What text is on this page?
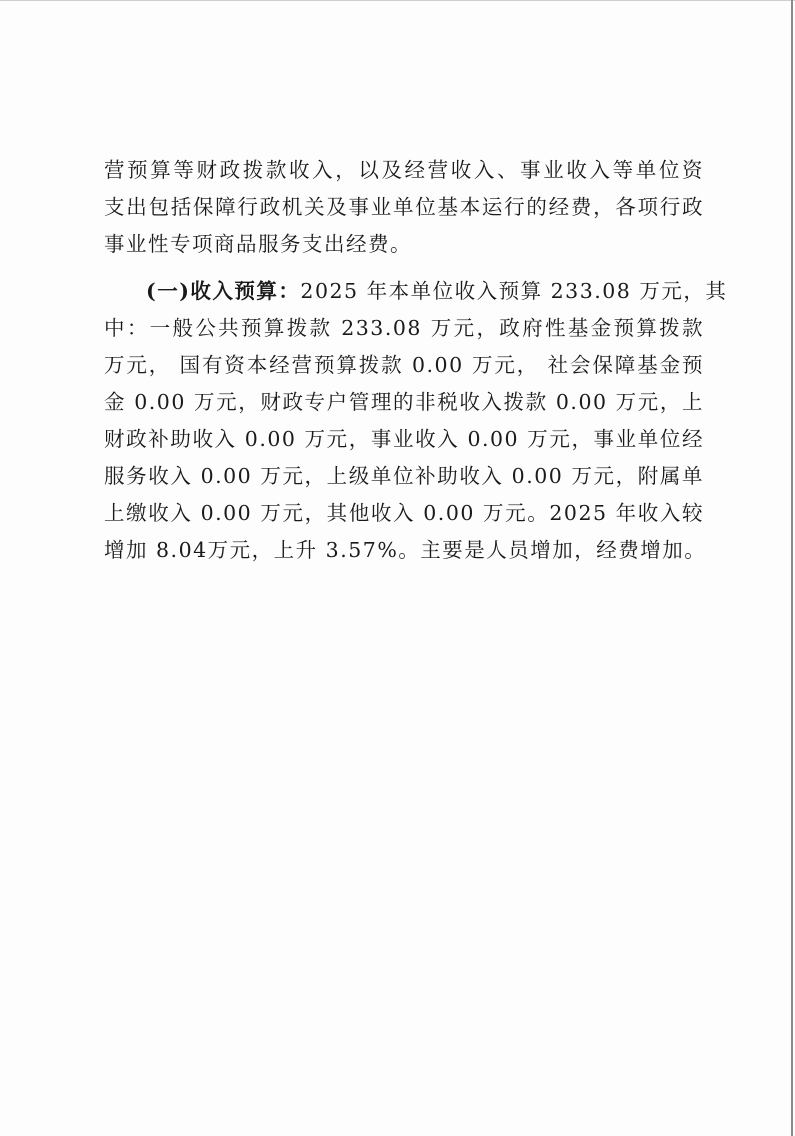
营预算等财政拨款收入，以及经营收入、事业收入等单位资
支出包括保障行政机关及事业单位基本运行的经费，各项行政
事业性专项商品服务支出经费。
(一)收入预算：2025 年本单位收入预算 233.08 万元，其
中：一般公共预算拨款 233.08 万元，政府性基金预算拨款
万元， 国有资本经营预算拨款 0.00 万元， 社会保障基金预
金 0.00 万元，财政专户管理的非税收入拨款 0.00 万元，上
财政补助收入 0.00 万元，事业收入 0.00 万元，事业单位经
服务收入 0.00 万元，上级单位补助收入 0.00 万元，附属单
上缴收入 0.00 万元，其他收入 0.00 万元。2025 年收入较
增加 8.04万元，上升 3.57%。主要是人员增加，经费增加。
